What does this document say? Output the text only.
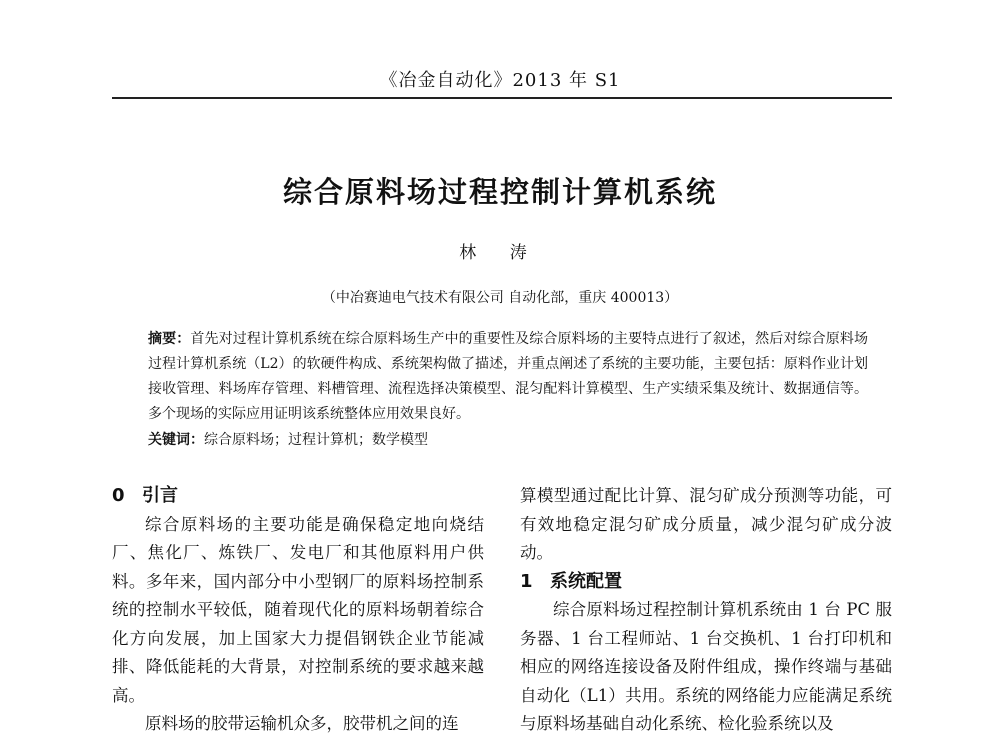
《冶金自动化》2013 年 S1
综合原料场过程控制计算机系统
林 涛
（中冶赛迪电气技术有限公司 自动化部，重庆 400013）
摘要：首先对过程计算机系统在综合原料场生产中的重要性及综合原料场的主要特点进行了叙述，然后对综合原料场过程计算机系统（L2）的软硬件构成、系统架构做了描述，并重点阐述了系统的主要功能，主要包括：原料作业计划接收管理、料场库存管理、料槽管理、流程选择决策模型、混匀配料计算模型、生产实绩采集及统计、数据通信等。多个现场的实际应用证明该系统整体应用效果良好。
关键词：综合原料场；过程计算机；数学模型
0 引言

综合原料场的主要功能是确保稳定地向烧结厂、焦化厂、炼铁厂、发电厂和其他原料用户供料。多年来，国内部分中小型钢厂的原料场控制系统的控制水平较低，随着现代化的原料场朝着综合化方向发展，加上国家大力提倡钢铁企业节能减排、降低能耗的大背景，对控制系统的要求越来越高。

原料场的胶带运输机众多，胶带机之间的连

算模型通过配比计算、混匀矿成分预测等功能，可有效地稳定混匀矿成分质量，减少混匀矿成分波动。

1 系统配置

综合原料场过程控制计算机系统由 1 台 PC 服务器、1 台工程师站、1 台交换机、1 台打印机和相应的网络连接设备及附件组成，操作终端与基础自动化（L1）共用。系统的网络能力应能满足系统与原料场基础自动化系统、检化验系统以及
